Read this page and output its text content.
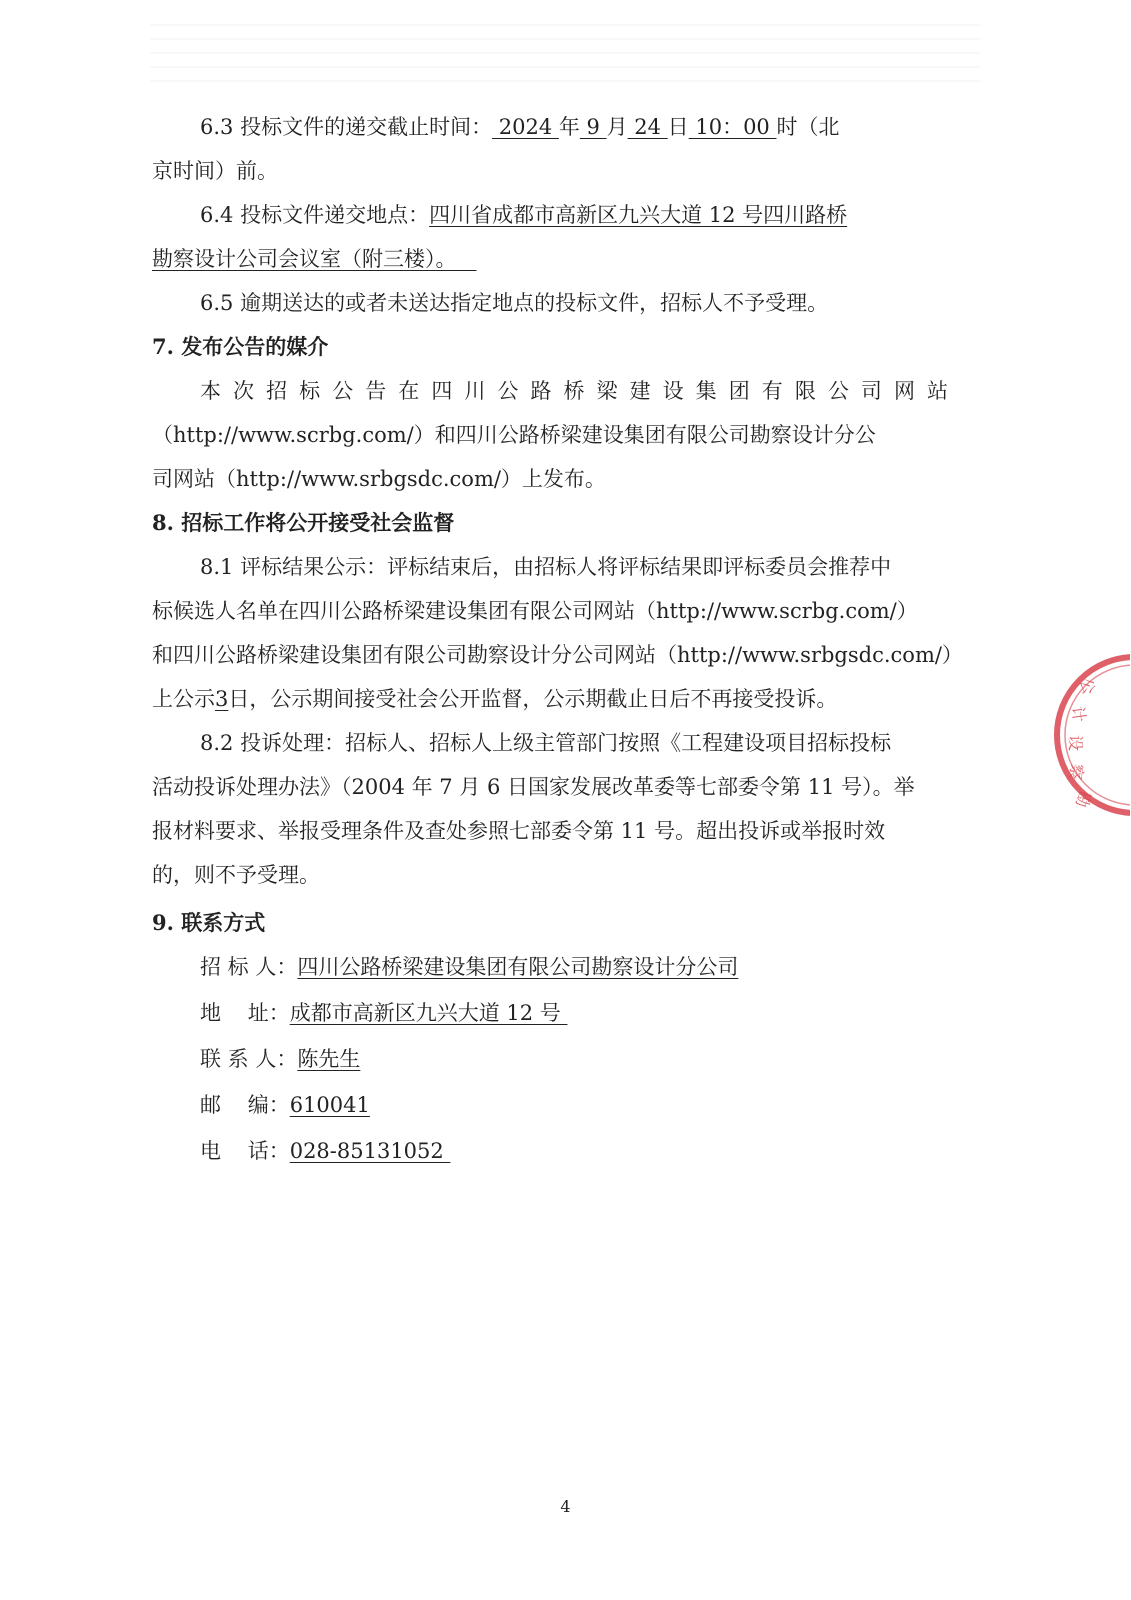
6.3 投标文件的递交截止时间： 2024 年 9 月 24 日 10：00 时（北
京时间）前。
6.4 投标文件递交地点：四川省成都市高新区九兴大道 12 号四川路桥
勘察设计公司会议室（附三楼）。
6.5 逾期送达的或者未送达指定地点的投标文件，招标人不予受理。
7. 发布公告的媒介
本次招标公告在四川公路桥梁建设集团有限公司网站
（http://www.scrbg.com/）和四川公路桥梁建设集团有限公司勘察设计分公
司网站（http://www.srbgsdc.com/）上发布。
8. 招标工作将公开接受社会监督
8.1 评标结果公示：评标结束后，由招标人将评标结果即评标委员会推荐中
标候选人名单在四川公路桥梁建设集团有限公司网站（http://www.scrbg.com/）
和四川公路桥梁建设集团有限公司勘察设计分公司网站（http://www.srbgsdc.com/）
上公示3日，公示期间接受社会公开监督，公示期截止日后不再接受投诉。
8.2 投诉处理：招标人、招标人上级主管部门按照《工程建设项目招标投标
活动投诉处理办法》（2004 年 7 月 6 日国家发展改革委等七部委令第 11 号）。举
报材料要求、举报受理条件及查处参照七部委令第 11 号。超出投诉或举报时效
的，则不予受理。
9. 联系方式
招 标 人：四川公路桥梁建设集团有限公司勘察设计分公司
地    址：成都市高新区九兴大道 12 号
联 系 人：陈先生
邮    编：610041
电    话：028-85131052
4
公
计
设
察
勘
